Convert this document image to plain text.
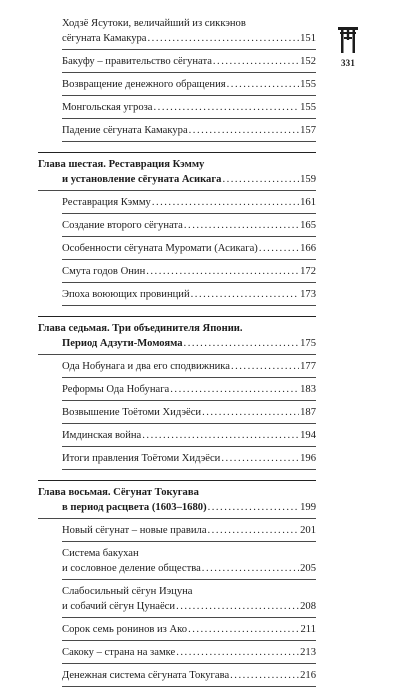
331
Ходзё Ясутоки, величайший из сиккэнов
сёгуната Камакура .....	151
Бакуфу – правительство сёгуната .....	152
Возвращение денежного обращения .....	155
Монгольская угроза .....	155
Падение сёгуната Камакура .....	157
Глава шестая. Реставрация Кэмму
и установление сёгуната Асикага .....	159
Реставрация Кэмму .....	161
Создание второго сёгуната .....	165
Особенности сёгуната Муромати (Асикага) .....	166
Смута годов Онин .....	172
Эпоха воюющих провинций .....	173
Глава седьмая. Три объединителя Японии.
Период Адзути-Момояма .....	175
Ода Нобунага и два его сподвижника .....	177
Реформы Ода Нобунага .....	183
Возвышение Тоётоми Хидэёси .....	187
Имдинская война .....	194
Итоги правления Тоётоми Хидэёси .....	196
Глава восьмая. Сёгунат Токугава
в период расцвета (1603–1680) .....	199
Новый сёгунат – новые правила .....	201
Система бакухан
и сословное деление общества .....	205
Слабосильный сёгун Иэцуна
и собачий сёгун Цунаёси .....	208
Сорок семь ронинов из Ако .....	211
Сакоку – страна на замке .....	213
Денежная система сёгуната Токугава .....	216
